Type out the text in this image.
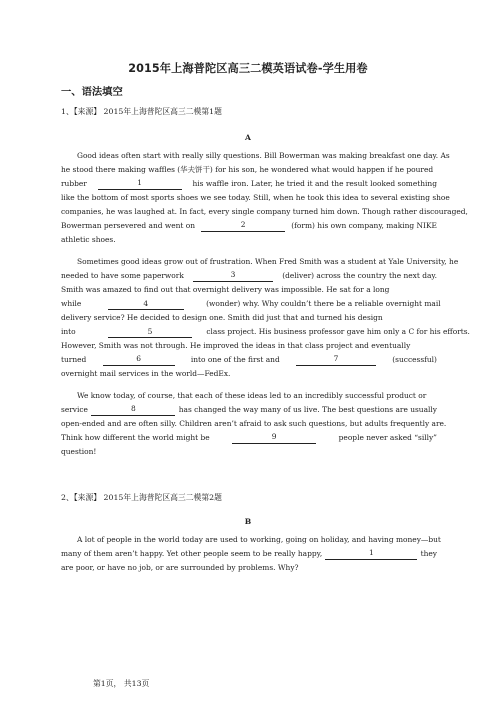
2015年上海普陀区高三二模英语试卷-学生用卷
一、语法填空
1、【来源】 2015年上海普陀区高三二模第1题
A
Good ideas often start with really silly questions. Bill Bowerman was making breakfast one day. As
he stood there making waffles (华夫饼干) for his son, he wondered what would happen if he poured
rubber	1	his waffle iron. Later, he tried it and the result looked something
like the bottom of most sports shoes we see today. Still, when he took this idea to several existing shoe
companies, he was laughed at. In fact, every single company turned him down. Though rather discouraged,
Bowerman persevered and went on	2	(form) his own company, making NIKE
athletic shoes.
Sometimes good ideas grow out of frustration. When Fred Smith was a student at Yale University, he
needed to have some paperwork	3	(deliver) across the country the next day.
Smith was amazed to find out that overnight delivery was impossible. He sat for a long
while	4	(wonder) why. Why couldn’t there be a reliable overnight mail
delivery service? He decided to design one. Smith did just that and turned his design
into	5	class project. His business professor gave him only a C for his efforts.
However, Smith was not through. He improved the ideas in that class project and eventually
turned	6	into one of the first and	7	(successful)
overnight mail services in the world—FedEx.
We know today, of course, that each of these ideas led to an incredibly successful product or
service	8	has changed the way many of us live. The best questions are usually
open-ended and are often silly. Children aren’t afraid to ask such questions, but adults frequently are.
Think how different the world might be	9	people never asked “silly”
question!
2、【来源】 2015年上海普陀区高三二模第2题
B
A lot of people in the world today are used to working, going on holiday, and having money—but
many of them aren’t happy. Yet other people seem to be really happy,	1	they
are poor, or have no job, or are surrounded by problems. Why?
第1页， 共13页
